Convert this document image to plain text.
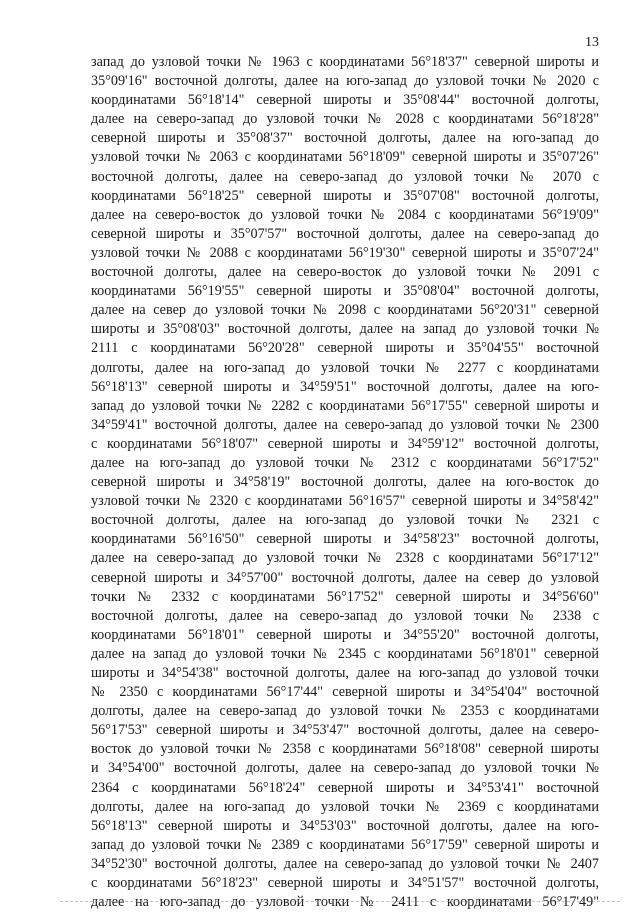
13
запад до узловой точки № 1963 с координатами 56°18'37" северной широты и
35°09'16" восточной долготы, далее на юго-запад до узловой точки № 2020 с
координатами 56°18'14" северной широты и 35°08'44" восточной долготы,
далее на северо-запад до узловой точки № 2028 с координатами 56°18'28"
северной широты и 35°08'37" восточной долготы, далее на юго-запад до
узловой точки № 2063 с координатами 56°18'09" северной широты и 35°07'26"
восточной долготы, далее на северо-запад до узловой точки № 2070 с
координатами 56°18'25" северной широты и 35°07'08" восточной долготы,
далее на северо-восток до узловой точки № 2084 с координатами 56°19'09"
северной широты и 35°07'57" восточной долготы, далее на северо-запад до
узловой точки № 2088 с координатами 56°19'30" северной широты и 35°07'24"
восточной долготы, далее на северо-восток до узловой точки № 2091 с
координатами 56°19'55" северной широты и 35°08'04" восточной долготы,
далее на север до узловой точки № 2098 с координатами 56°20'31" северной
широты и 35°08'03" восточной долготы, далее на запад до узловой точки №
2111 с координатами 56°20'28" северной широты и 35°04'55" восточной
долготы, далее на юго-запад до узловой точки № 2277 с координатами
56°18'13" северной широты и 34°59'51" восточной долготы, далее на юго-
запад до узловой точки № 2282 с координатами 56°17'55" северной широты и
34°59'41" восточной долготы, далее на северо-запад до узловой точки № 2300
с координатами 56°18'07" северной широты и 34°59'12" восточной долготы,
далее на юго-запад до узловой точки № 2312 с координатами 56°17'52"
северной широты и 34°58'19" восточной долготы, далее на юго-восток до
узловой точки № 2320 с координатами 56°16'57" северной широты и 34°58'42"
восточной долготы, далее на юго-запад до узловой точки № 2321 с
координатами 56°16'50" северной широты и 34°58'23" восточной долготы,
далее на северо-запад до узловой точки № 2328 с координатами 56°17'12"
северной широты и 34°57'00" восточной долготы, далее на север до узловой
точки № 2332 с координатами 56°17'52" северной широты и 34°56'60"
восточной долготы, далее на северо-запад до узловой точки № 2338 с
координатами 56°18'01" северной широты и 34°55'20" восточной долготы,
далее на запад до узловой точки № 2345 с координатами 56°18'01" северной
широты и 34°54'38" восточной долготы, далее на юго-запад до узловой точки
№ 2350 с координатами 56°17'44" северной широты и 34°54'04" восточной
долготы, далее на северо-запад до узловой точки № 2353 с координатами
56°17'53" северной широты и 34°53'47" восточной долготы, далее на северо-
восток до узловой точки № 2358 с координатами 56°18'08" северной широты
и 34°54'00" восточной долготы, далее на северо-запад до узловой точки №
2364 с координатами 56°18'24" северной широты и 34°53'41" восточной
долготы, далее на юго-запад до узловой точки № 2369 с координатами
56°18'13" северной широты и 34°53'03" восточной долготы, далее на юго-
запад до узловой точки № 2389 с координатами 56°17'59" северной широты и
34°52'30" восточной долготы, далее на северо-запад до узловой точки № 2407
с координатами 56°18'23" северной широты и 34°51'57" восточной долготы,
далее на юго-запад до узловой точки № 2411 с координатами 56°17'49"
